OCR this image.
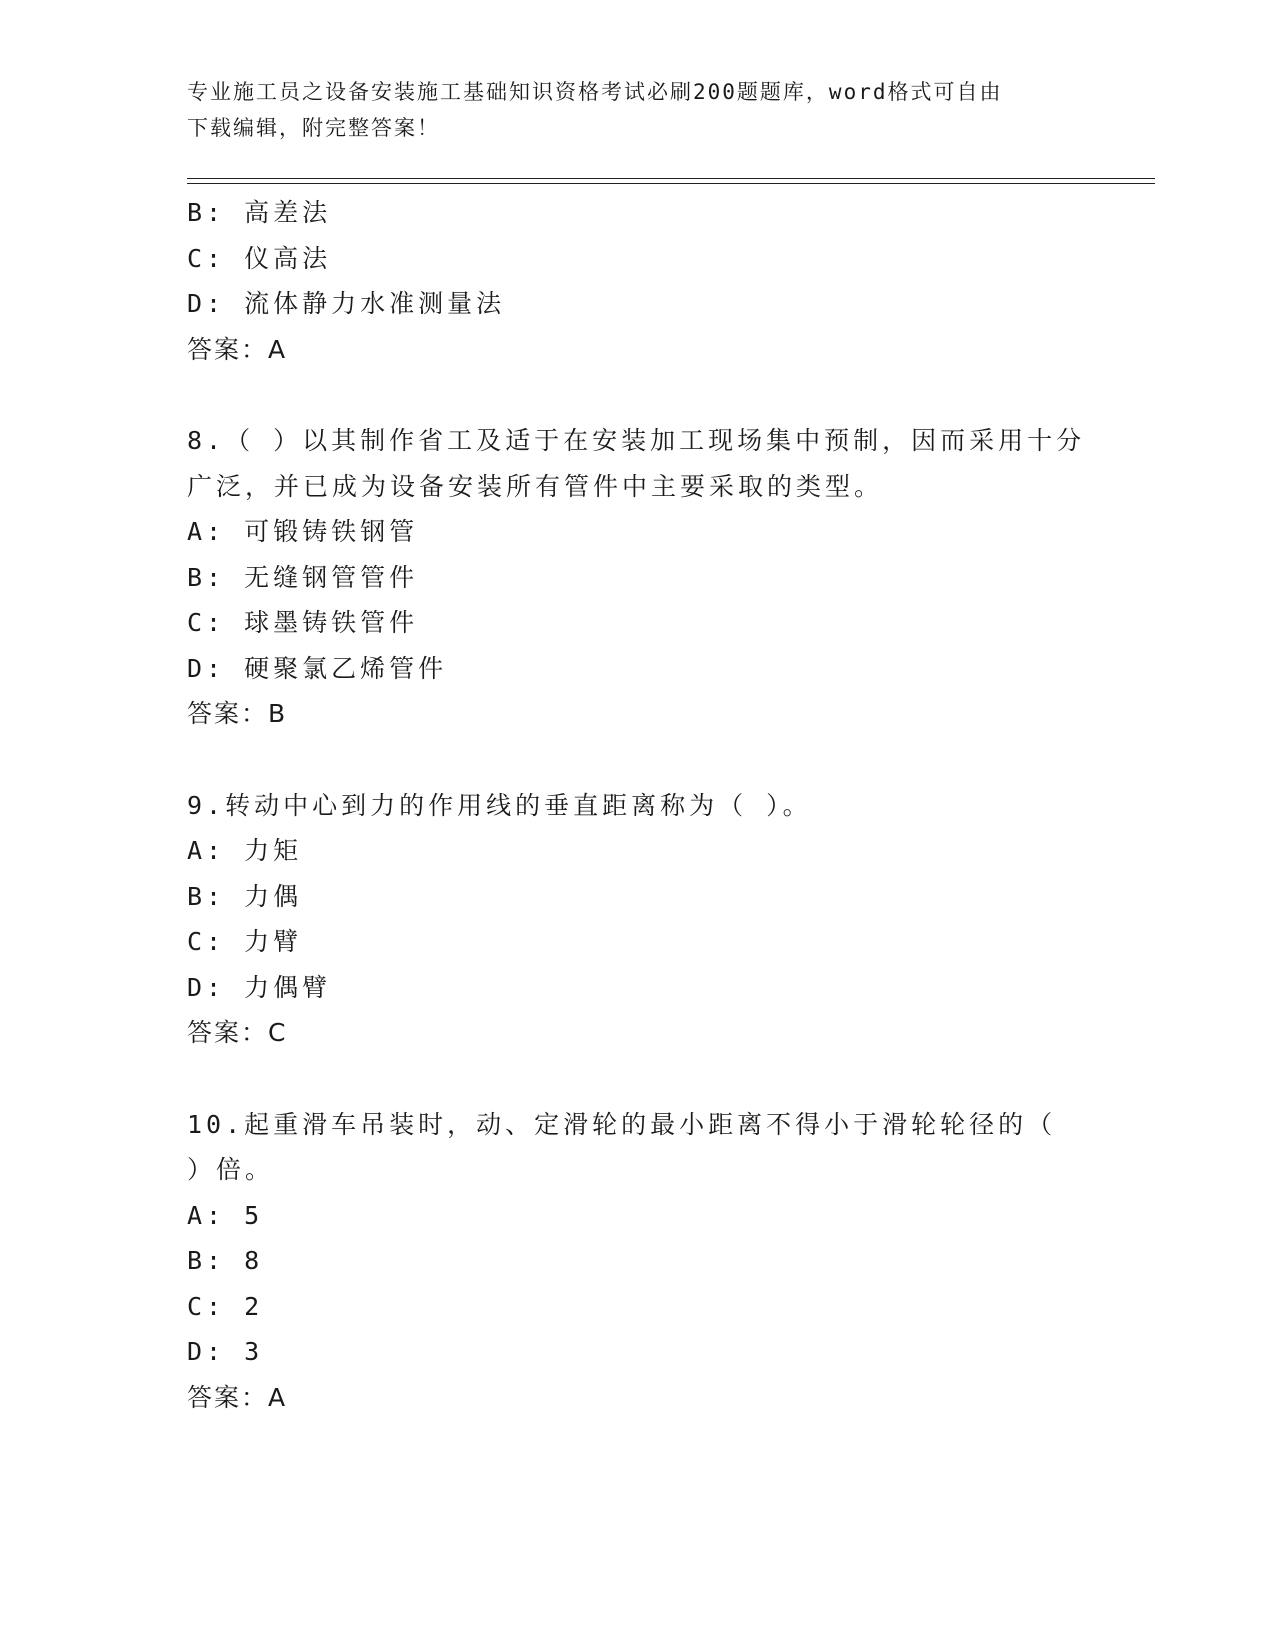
专业施工员之设备安装施工基础知识资格考试必刷200题题库，word格式可自由
下载编辑，附完整答案！
B: 高差法
C: 仪高法
D: 流体静力水准测量法
答案：A
8.（ ）以其制作省工及适于在安装加工现场集中预制，因而采用十分
广泛，并已成为设备安装所有管件中主要采取的类型。
A: 可锻铸铁钢管
B: 无缝钢管管件
C: 球墨铸铁管件
D: 硬聚氯乙烯管件
答案：B
9.转动中心到力的作用线的垂直距离称为（ ）。
A: 力矩
B: 力偶
C: 力臂
D: 力偶臂
答案：C
10.起重滑车吊装时，动、定滑轮的最小距离不得小于滑轮轮径的（
）倍。
A: 5
B: 8
C: 2
D: 3
答案：A
